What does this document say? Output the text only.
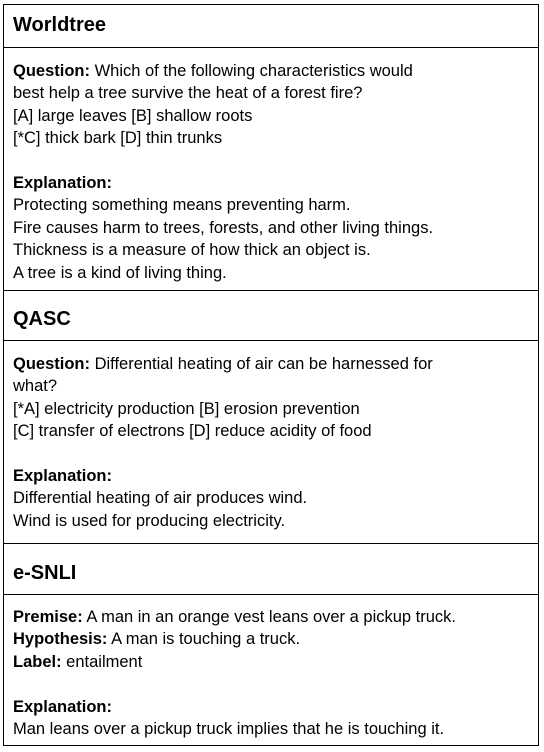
Worldtree
Question: Which of the following characteristics would
best help a tree survive the heat of a forest fire?
[A] large leaves [B] shallow roots
[*C] thick bark [D] thin trunks
Explanation:
Protecting something means preventing harm.
Fire causes harm to trees, forests, and other living things.
Thickness is a measure of how thick an object is.
A tree is a kind of living thing.
QASC
Question: Differential heating of air can be harnessed for
what?
[*A] electricity production [B] erosion prevention
[C] transfer of electrons [D] reduce acidity of food
Explanation:
Differential heating of air produces wind.
Wind is used for producing electricity.
e-SNLI
Premise: A man in an orange vest leans over a pickup truck.
Hypothesis: A man is touching a truck.
Label: entailment
Explanation:
Man leans over a pickup truck implies that he is touching it.
